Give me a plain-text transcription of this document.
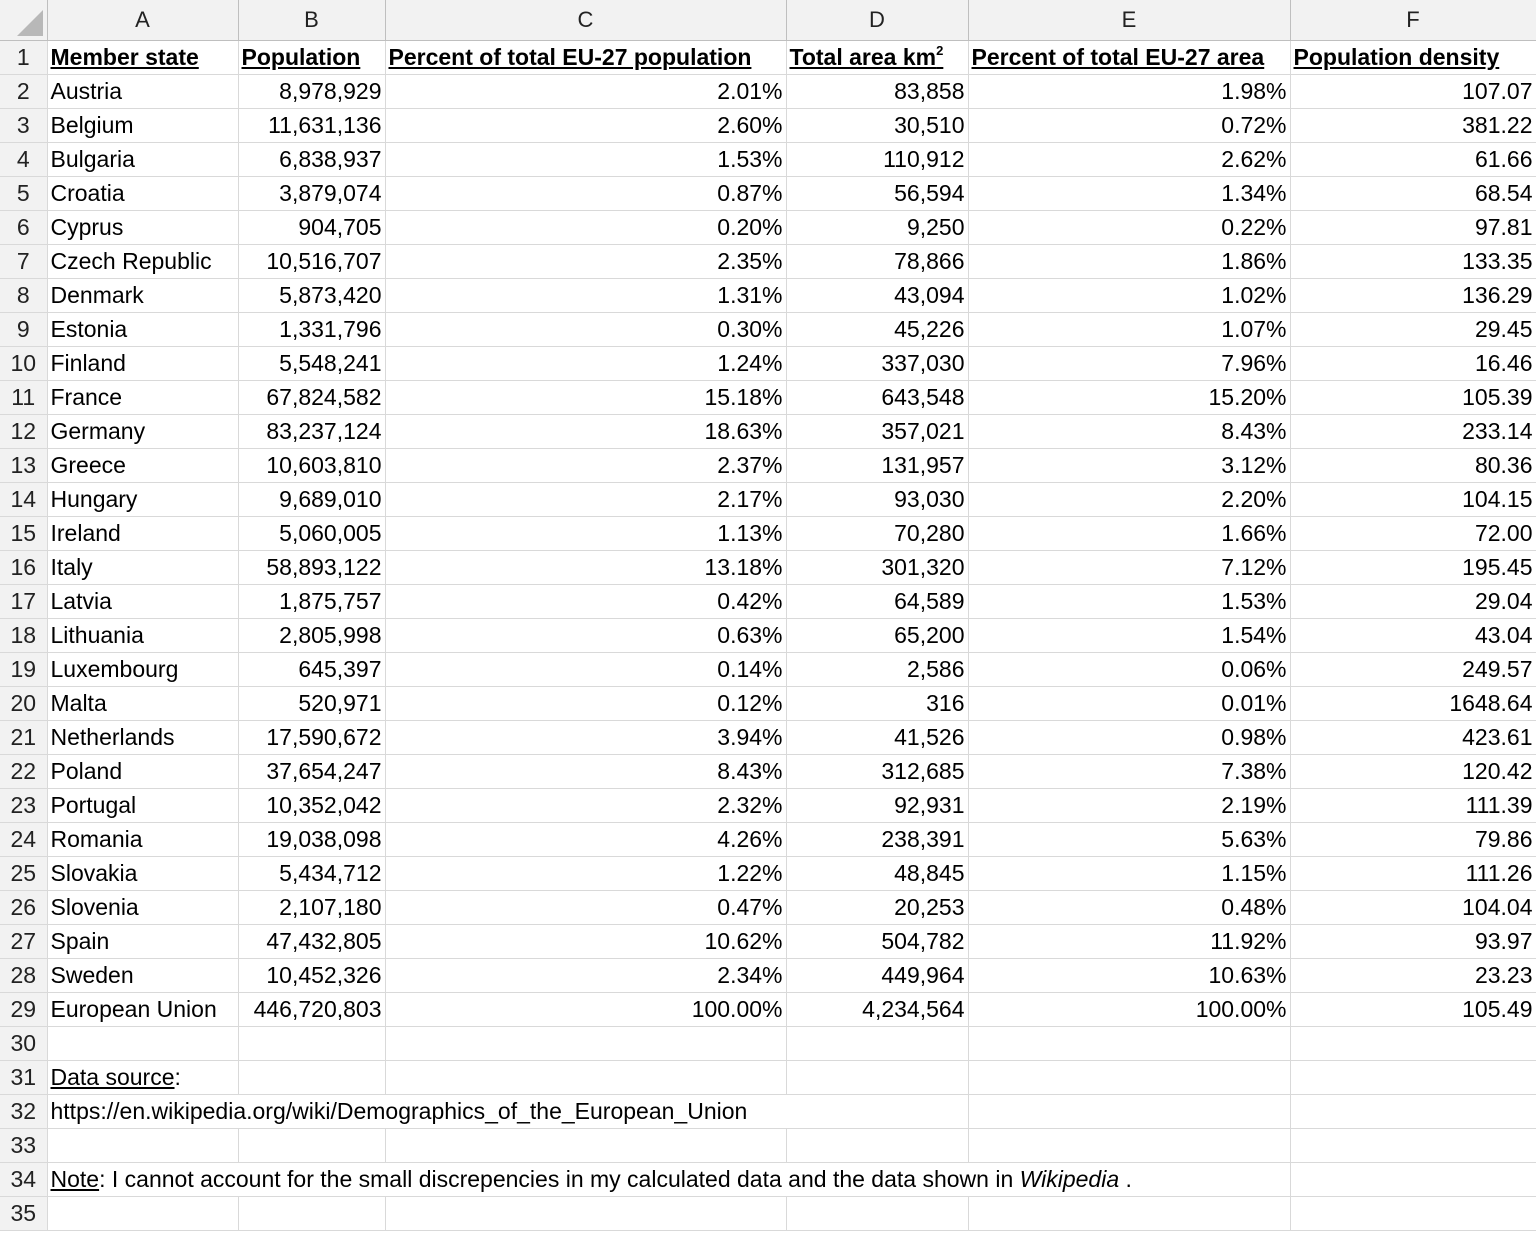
	A	B	C	D	E	F
1	Member state	Population	Percent of total EU-27 population	Total area $km^2$	Percent of total EU-27 area	Population density
2	Austria	8,978,929	2.01%	83,858	1.98%	107.07
3	Belgium	11,631,136	2.60%	30,510	0.72%	381.22
4	Bulgaria	6,838,937	1.53%	110,912	2.62%	61.66
5	Croatia	3,879,074	0.87%	56,594	1.34%	68.54
6	Cyprus	904,705	0.20%	9,250	0.22%	97.81
7	Czech Republic	10,516,707	2.35%	78,866	1.86%	133.35
8	Denmark	5,873,420	1.31%	43,094	1.02%	136.29
9	Estonia	1,331,796	0.30%	45,226	1.07%	29.45
10	Finland	5,548,241	1.24%	337,030	7.96%	16.46
11	France	67,824,582	15.18%	643,548	15.20%	105.39
12	Germany	83,237,124	18.63%	357,021	8.43%	233.14
13	Greece	10,603,810	2.37%	131,957	3.12%	80.36
14	Hungary	9,689,010	2.17%	93,030	2.20%	104.15
15	Ireland	5,060,005	1.13%	70,280	1.66%	72.00
16	Italy	58,893,122	13.18%	301,320	7.12%	195.45
17	Latvia	1,875,757	0.42%	64,589	1.53%	29.04
18	Lithuania	2,805,998	0.63%	65,200	1.54%	43.04
19	Luxembourg	645,397	0.14%	2,586	0.06%	249.57
20	Malta	520,971	0.12%	316	0.01%	1648.64
21	Netherlands	17,590,672	3.94%	41,526	0.98%	423.61
22	Poland	37,654,247	8.43%	312,685	7.38%	120.42
23	Portugal	10,352,042	2.32%	92,931	2.19%	111.39
24	Romania	19,038,098	4.26%	238,391	5.63%	79.86
25	Slovakia	5,434,712	1.22%	48,845	1.15%	111.26
26	Slovenia	2,107,180	0.47%	20,253	0.48%	104.04
27	Spain	47,432,805	10.62%	504,782	11.92%	93.97
28	Sweden	10,452,326	2.34%	449,964	10.63%	23.23
29	European Union	446,720,803	100.00%	4,234,564	100.00%	105.49
30						
31	Data source:					
32	https://en.wikipedia.org/wiki/Demographics_of_the_European_Union					
33						
34	Note: I cannot account for the small discrepencies in my calculated data and the data shown in Wikipedia .					
35						
